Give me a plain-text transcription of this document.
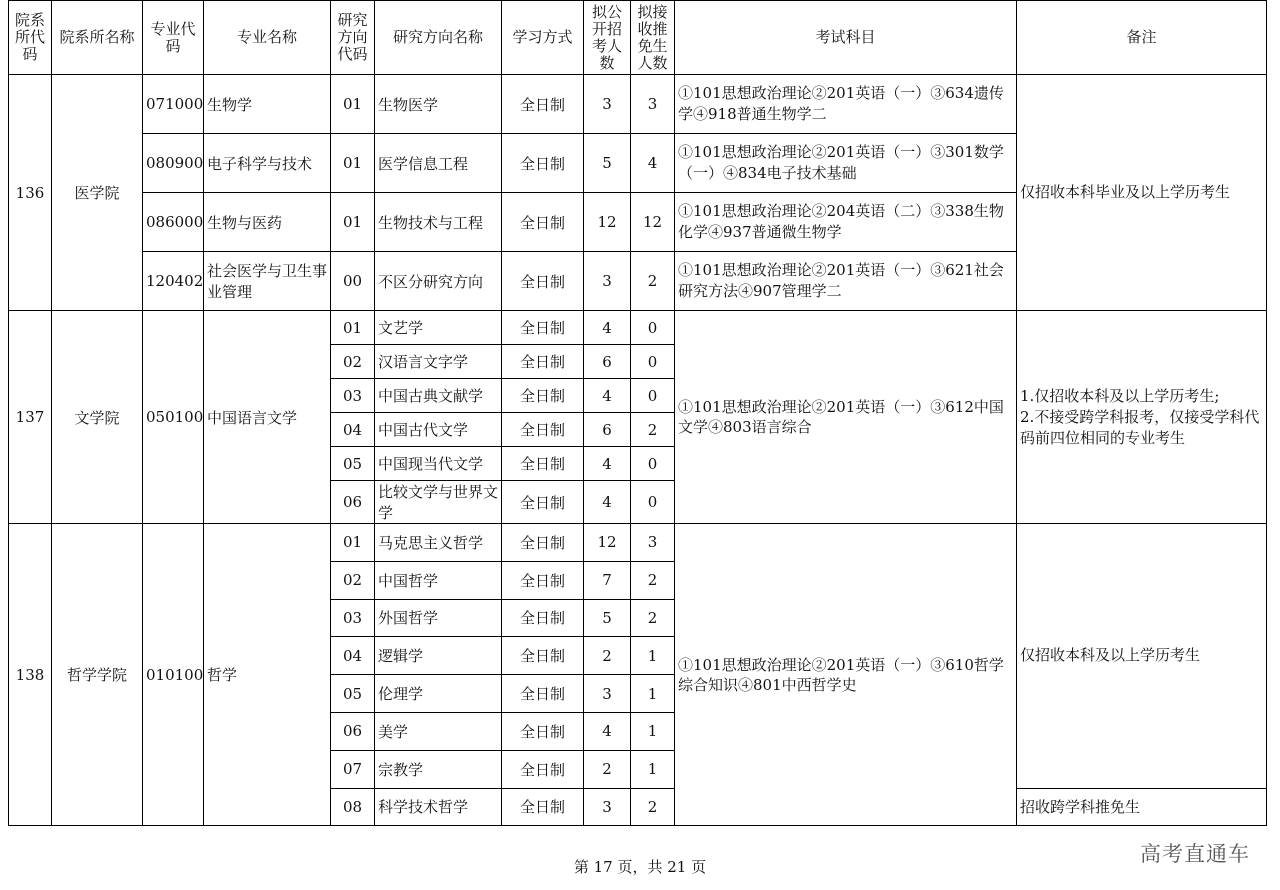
院系所代码	院系所名称	专业代码	专业名称	研究方向代码	研究方向名称	学习方式	拟公开招考人数	拟接收推免生人数	考试科目	备注
136	医学院	071000	生物学	01	生物医学	全日制	3	3	①101思想政治理论②201英语（一）③634遗传学④918普通生物学二	仅招收本科毕业及以上学历考生

		080900	电子科学与技术	01	医学信息工程	全日制	5	4	①101思想政治理论②201英语（一）③301数学（一）④834电子技术基础	
		086000	生物与医药	01	生物技术与工程	全日制	12	12	①101思想政治理论②204英语（二）③338生物化学④937普通微生物学	
		120402	社会医学与卫生事业管理	00	不区分研究方向	全日制	3	2	①101思想政治理论②201英语（一）③621社会研究方法④907管理学二	
137	文学院	050100	中国语言文学	01	文艺学	全日制	4	0	①101思想政治理论②201英语（一）③612中国文学④803语言综合	1.仅招收本科及以上学历考生;
2.不接受跨学科报考，仅接受学科代码前四位相同的专业考生

				02	汉语言文字学	全日制	6	0		
				03	中国古典文献学	全日制	4	0		
				04	中国古代文学	全日制	6	2		
				05	中国现当代文学	全日制	4	0		
				06	比较文学与世界文学	全日制	4	0		
138	哲学学院	010100	哲学	01	马克思主义哲学	全日制	12	3	①101思想政治理论②201英语（一）③610哲学综合知识④801中西哲学史	仅招收本科及以上学历考生

				02	中国哲学	全日制	7	2		
				03	外国哲学	全日制	5	2		
				04	逻辑学	全日制	2	1		
				05	伦理学	全日制	3	1		
				06	美学	全日制	4	1		
				07	宗教学	全日制	2	1		
				08	科学技术哲学	全日制	3	2		招收跨学科推免生
第 17 页，共 21 页
高考直通车
